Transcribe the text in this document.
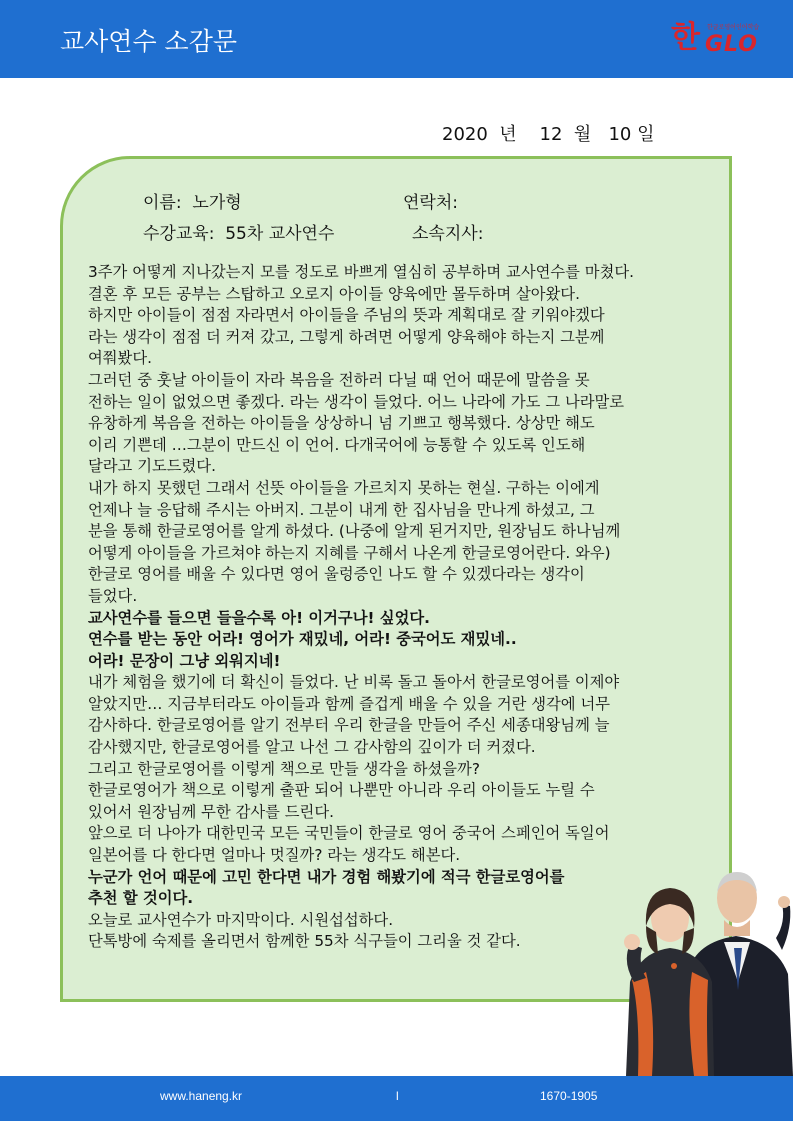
교사연수 소감문	한 한글로영어인어학습
GLO
2020 년 12 월 10 일
이름: 노가형	연락처:
수강교육: 55차 교사연수	소속지사:
3주가 어떻게 지나갔는지 모를 정도로 바쁘게 열심히 공부하며 교사연수를 마쳤다.
결혼 후 모든 공부는 스탑하고 오로지 아이들 양육에만 몰두하며 살아왔다.
하지만 아이들이 점점 자라면서 아이들을 주님의 뜻과 계획대로 잘 키워야겠다
라는 생각이 점점 더 커져 갔고, 그렇게 하려면 어떻게 양육해야 하는지 그분께
여쭤봤다.
그러던 중 훗날 아이들이 자라 복음을 전하러 다닐 때 언어 때문에 말씀을 못
전하는 일이 없었으면 좋겠다. 라는 생각이 들었다. 어느 나라에 가도 그 나라말로
유창하게 복음을 전하는 아이들을 상상하니 넘 기쁘고 행복했다. 상상만 해도
이리 기쁜데 …그분이 만드신 이 언어. 다개국어에 능통할 수 있도록 인도해
달라고 기도드렸다.
내가 하지 못했던 그래서 선뜻 아이들을 가르치지 못하는 현실. 구하는 이에게
언제나 늘 응답해 주시는 아버지. 그분이 내게 한 집사님을 만나게 하셨고, 그
분을 통해 한글로영어를 알게 하셨다. (나중에 알게 된거지만, 원장님도 하나님께
어떻게 아이들을 가르쳐야 하는지 지혜를 구해서 나온게 한글로영어란다. 와우)
한글로 영어를 배울 수 있다면 영어 울렁증인 나도 할 수 있겠다라는 생각이
들었다.
교사연수를 들으면 들을수록 아! 이거구나! 싶었다.
연수를 받는 동안 어라! 영어가 재밌네, 어라! 중국어도 재밌네..
어라! 문장이 그냥 외워지네!
내가 체험을 했기에 더 확신이 들었다. 난 비록 돌고 돌아서 한글로영어를 이제야
알았지만… 지금부터라도 아이들과 함께 즐겁게 배울 수 있을 거란 생각에 너무
감사하다. 한글로영어를 알기 전부터 우리 한글을 만들어 주신 세종대왕님께 늘
감사했지만, 한글로영어를 알고 나선 그 감사함의 깊이가 더 커졌다.
그리고 한글로영어를 이렇게 책으로 만들 생각을 하셨을까?
한글로영어가 책으로 이렇게 출판 되어 나뿐만 아니라 우리 아이들도 누릴 수
있어서 원장님께 무한 감사를 드린다.
앞으로 더 나아가 대한민국 모든 국민들이 한글로 영어 중국어 스페인어 독일어
일본어를 다 한다면 얼마나 멋질까? 라는 생각도 해본다.
누군가 언어 때문에 고민 한다면 내가 경험 해봤기에 적극 한글로영어를
추천 할 것이다.
오늘로 교사연수가 마지막이다. 시원섭섭하다.
단톡방에 숙제를 올리면서 함께한 55차 식구들이 그리울 것 같다.
www.haneng.kr	l	1670-1905
